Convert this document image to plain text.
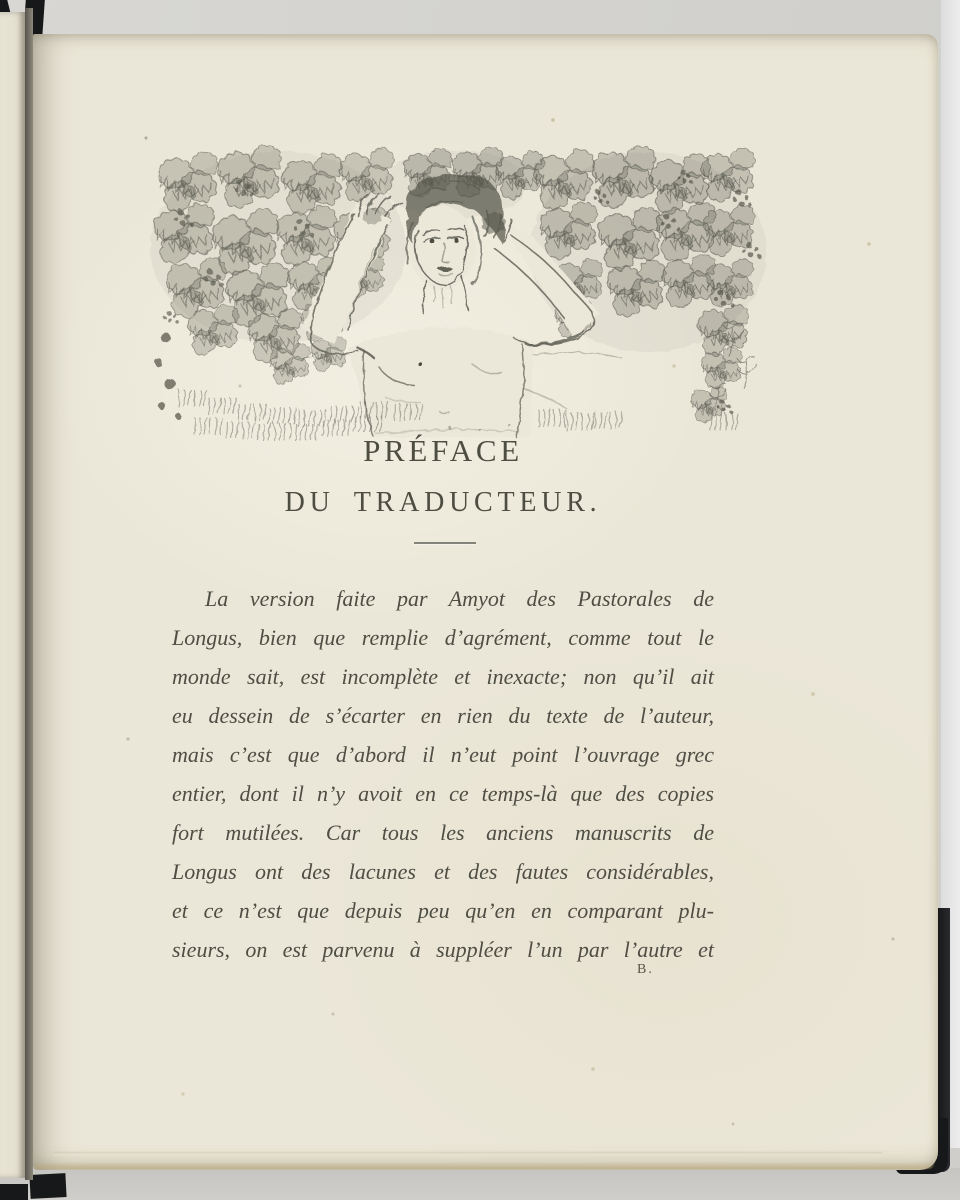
PRÉFACE
DU TRADUCTEUR.
La version faite par Amyot des Pastorales de
Longus, bien que remplie d’agrément, comme tout le
monde sait, est incomplète et inexacte; non qu’il ait
eu dessein de s’écarter en rien du texte de l’auteur,
mais c’est que d’abord il n’eut point l’ouvrage grec
entier, dont il n’y avoit en ce temps-là que des copies
fort mutilées. Car tous les anciens manuscrits de
Longus ont des lacunes et des fautes considérables,
et ce n’est que depuis peu qu’en en comparant plu-
sieurs, on est parvenu à suppléer l’un par l’autre et
B.
